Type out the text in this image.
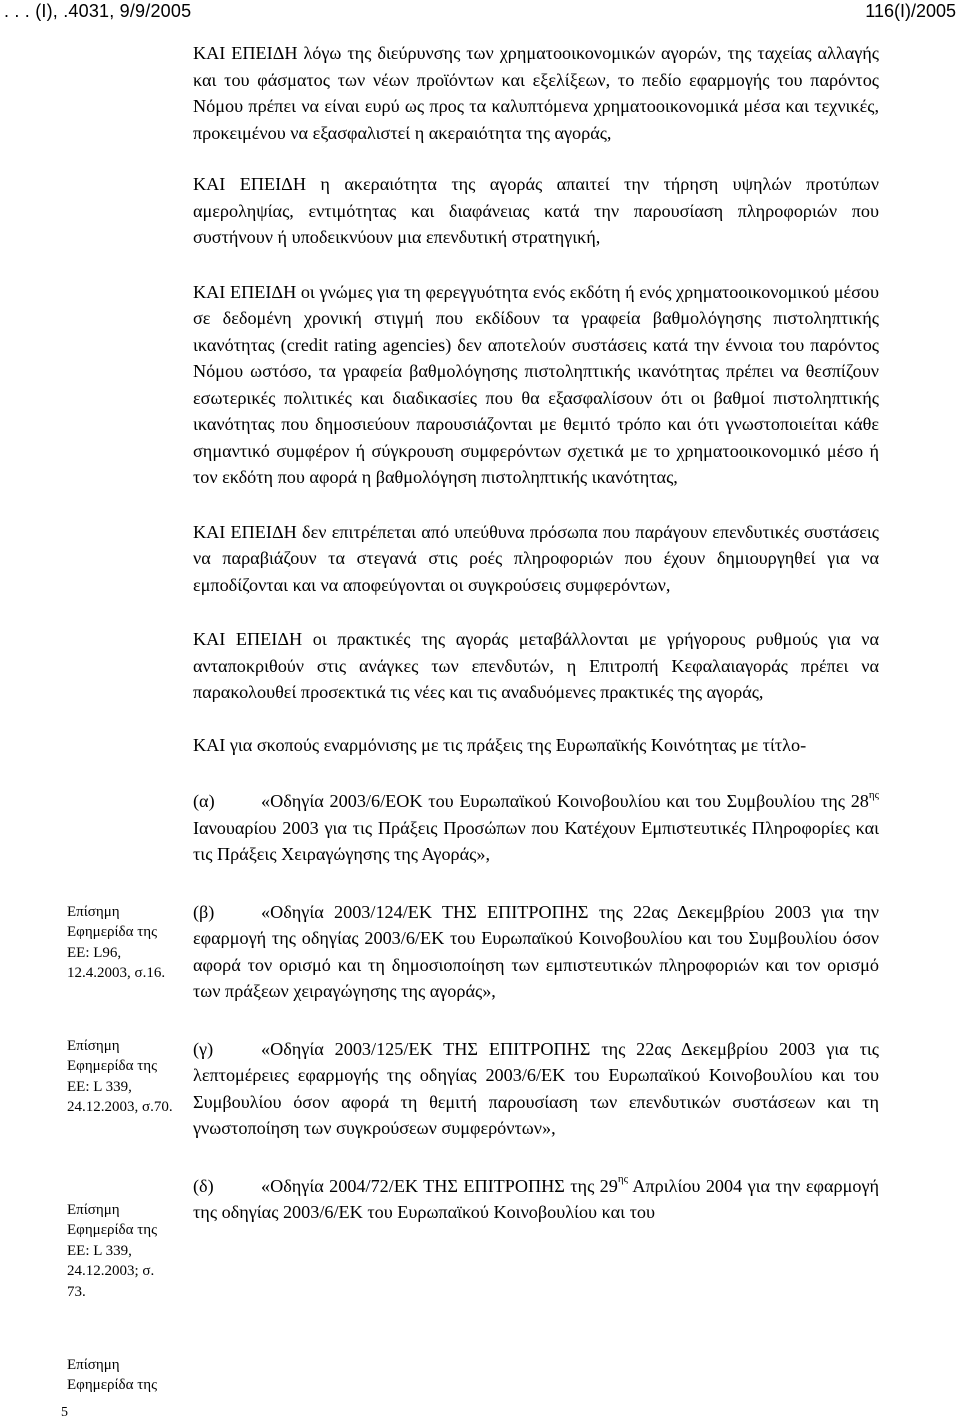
. . . (Ι), .4031, 9/9/2005	116(Ι)/2005

ΚΑΙ ΕΠΕΙΔΗ λόγω της διεύρυνσης των χρηματοοικονομικών αγορών, της ταχείας αλλαγής και του φάσματος των νέων προϊόντων και εξελίξεων, το πεδίο εφαρμογής του παρόντος Νόμου πρέπει να είναι ευρύ ως προς τα καλυπτόμενα χρηματοοικονομικά μέσα και τεχνικές, προκειμένου να εξασφαλιστεί η ακεραιότητα της αγοράς,

ΚΑΙ ΕΠΕΙΔΗ η ακεραιότητα της αγοράς απαιτεί την τήρηση υψηλών προτύπων αμεροληψίας, εντιμότητας και διαφάνειας κατά την παρουσίαση πληροφοριών που συστήνουν ή υποδεικνύουν μια επενδυτική στρατηγική,

ΚΑΙ ΕΠΕΙΔΗ οι γνώμες για τη φερεγγυότητα ενός εκδότη ή ενός χρηματοοικονομικού μέσου σε δεδομένη χρονική στιγμή που εκδίδουν τα γραφεία βαθμολόγησης πιστοληπτικής ικανότητας (credit rating agencies) δεν αποτελούν συστάσεις κατά την έννοια του παρόντος Νόμου ωστόσο, τα γραφεία βαθμολόγησης πιστοληπτικής ικανότητας πρέπει να θεσπίζουν εσωτερικές πολιτικές και διαδικασίες που θα εξασφαλίσουν ότι οι βαθμοί πιστοληπτικής ικανότητας που δημοσιεύουν παρουσιάζονται με θεμιτό τρόπο και ότι γνωστοποιείται κάθε σημαντικό συμφέρον ή σύγκρουση συμφερόντων σχετικά με το χρηματοοικονομικό μέσο ή τον εκδότη που αφορά η βαθμολόγηση πιστοληπτικής ικανότητας,

ΚΑΙ ΕΠΕΙΔΗ δεν επιτρέπεται από υπεύθυνα πρόσωπα που παράγουν επενδυτικές συστάσεις να παραβιάζουν τα στεγανά στις ροές πληροφοριών που έχουν δημιουργηθεί για να εμποδίζονται και να αποφεύγονται οι συγκρούσεις συμφερόντων,

ΚΑΙ ΕΠΕΙΔΗ οι πρακτικές της αγοράς μεταβάλλονται με γρήγορους ρυθμούς για να ανταποκριθούν στις ανάγκες των επενδυτών, η Επιτροπή Κεφαλαιαγοράς πρέπει να παρακολουθεί προσεκτικά τις νέες και τις αναδυόμενες πρακτικές της αγοράς,

ΚΑΙ για σκοπούς εναρμόνισης με τις πράξεις της Ευρωπαϊκής Κοινότητας με τίτλο-

(α)	«Οδηγία 2003/6/ΕΟΚ του Ευρωπαϊκού Κοινοβουλίου και του Συμβουλίου της $28^{\eta\varsigma}$ Ιανουαρίου 2003 για τις Πράξεις Προσώπων που Κατέχουν Εμπιστευτικές Πληροφορίες και τις Πράξεις Χειραγώγησης της Αγοράς»,

(β)	«Οδηγία 2003/124/ΕΚ ΤΗΣ ΕΠΙΤΡΟΠΗΣ της 22ας Δεκεμβρίου 2003 για την εφαρμογή της οδηγίας 2003/6/ΕΚ του Ευρωπαϊκού Κοινοβουλίου και του Συμβουλίου όσον αφορά τον ορισμό και τη δημοσιοποίηση των εμπιστευτικών πληροφοριών και τον ορισμό των πράξεων χειραγώγησης της αγοράς»,

(γ)	«Οδηγία 2003/125/ΕΚ ΤΗΣ ΕΠΙΤΡΟΠΗΣ της 22ας Δεκεμβρίου 2003 για τις λεπτομέρειες εφαρμογής της οδηγίας 2003/6/ΕΚ του Ευρωπαϊκού Κοινοβουλίου και του Συμβουλίου όσον αφορά τη θεμιτή παρουσίαση των επενδυτικών συστάσεων και τη γνωστοποίηση των συγκρούσεων συμφερόντων»,

(δ)	«Οδηγία 2004/72/ΕΚ ΤΗΣ ΕΠΙΤΡΟΠΗΣ της $29^{\eta\varsigma}$ Απριλίου 2004 για την εφαρμογή της οδηγίας 2003/6/ΕΚ του Ευρωπαϊκού Κοινοβουλίου και του

Επίσημη
Εφημερίδα της
ΕΕ: L96,
12.4.2003, σ.16.
Επίσημη
Εφημερίδα της
ΕΕ: L 339,
24.12.2003, σ.70.
Επίσημη
Εφημερίδα της
ΕΕ: L 339,
24.12.2003; σ.
73.
Επίσημη
Εφημερίδα της
5
